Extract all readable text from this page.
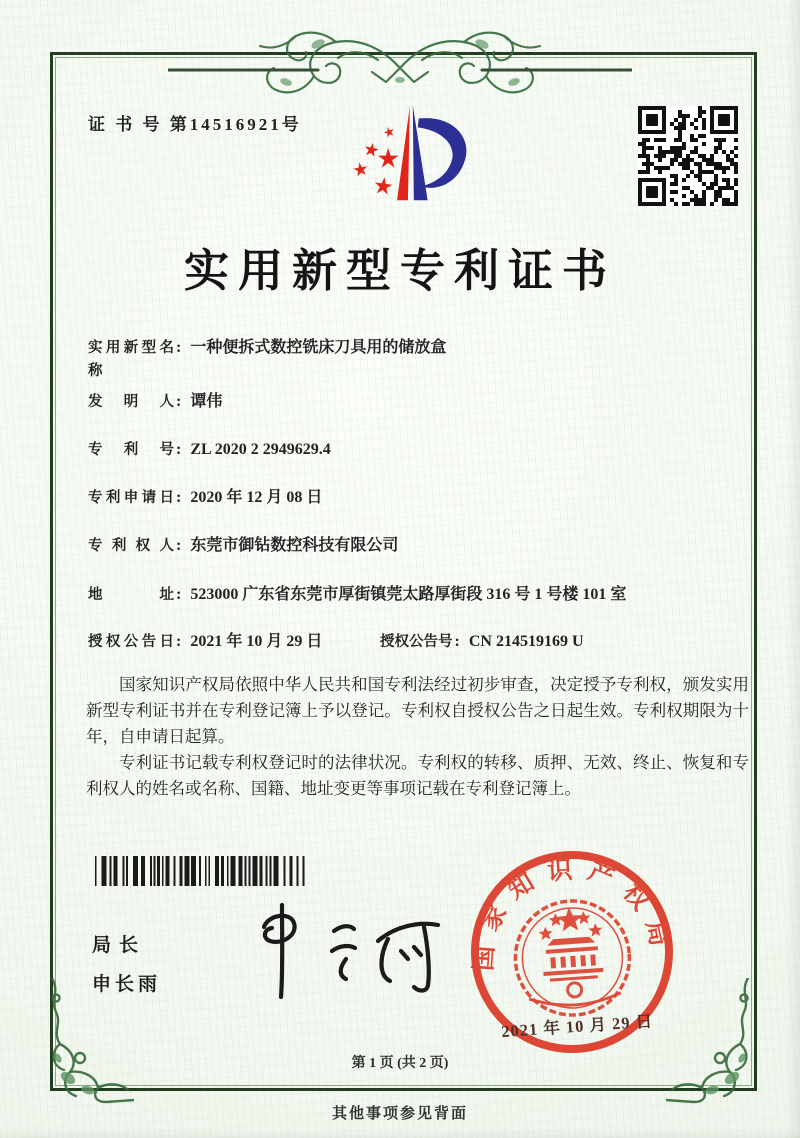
证 书 号 第14516921号
实用新型专利证书
实用新型名称
: 一种便拆式数控铣床刀具用的储放盒
发明人 : 谭伟
专利号 : ZL 2020 2 2949629.4
专利申请日 : 2020 年 12 月 08 日
专利权人 : 东莞市御钻数控科技有限公司
地址 : 523000 广东省东莞市厚街镇莞太路厚街段 316 号 1 号楼 101 室
授权公告日 : 2021 年 10 月 29 日	授权公告号 : CN 214519169 U

国家知识产权局依照中华人民共和国专利法经过初步审查，决定授予专利权，颁发实用新型专利证书并在专利登记簿上予以登记。专利权自授权公告之日起生效。专利权期限为十年，自申请日起算。

专利证书记载专利权登记时的法律状况。专利权的转移、质押、无效、终止、恢复和专利权人的姓名或名称、国籍、地址变更等事项记载在专利登记簿上。

局长
申长雨
国家知识产权局
2021 年 10 月 29 日
第 1 页 (共 2 页)
其他事项参见背面
